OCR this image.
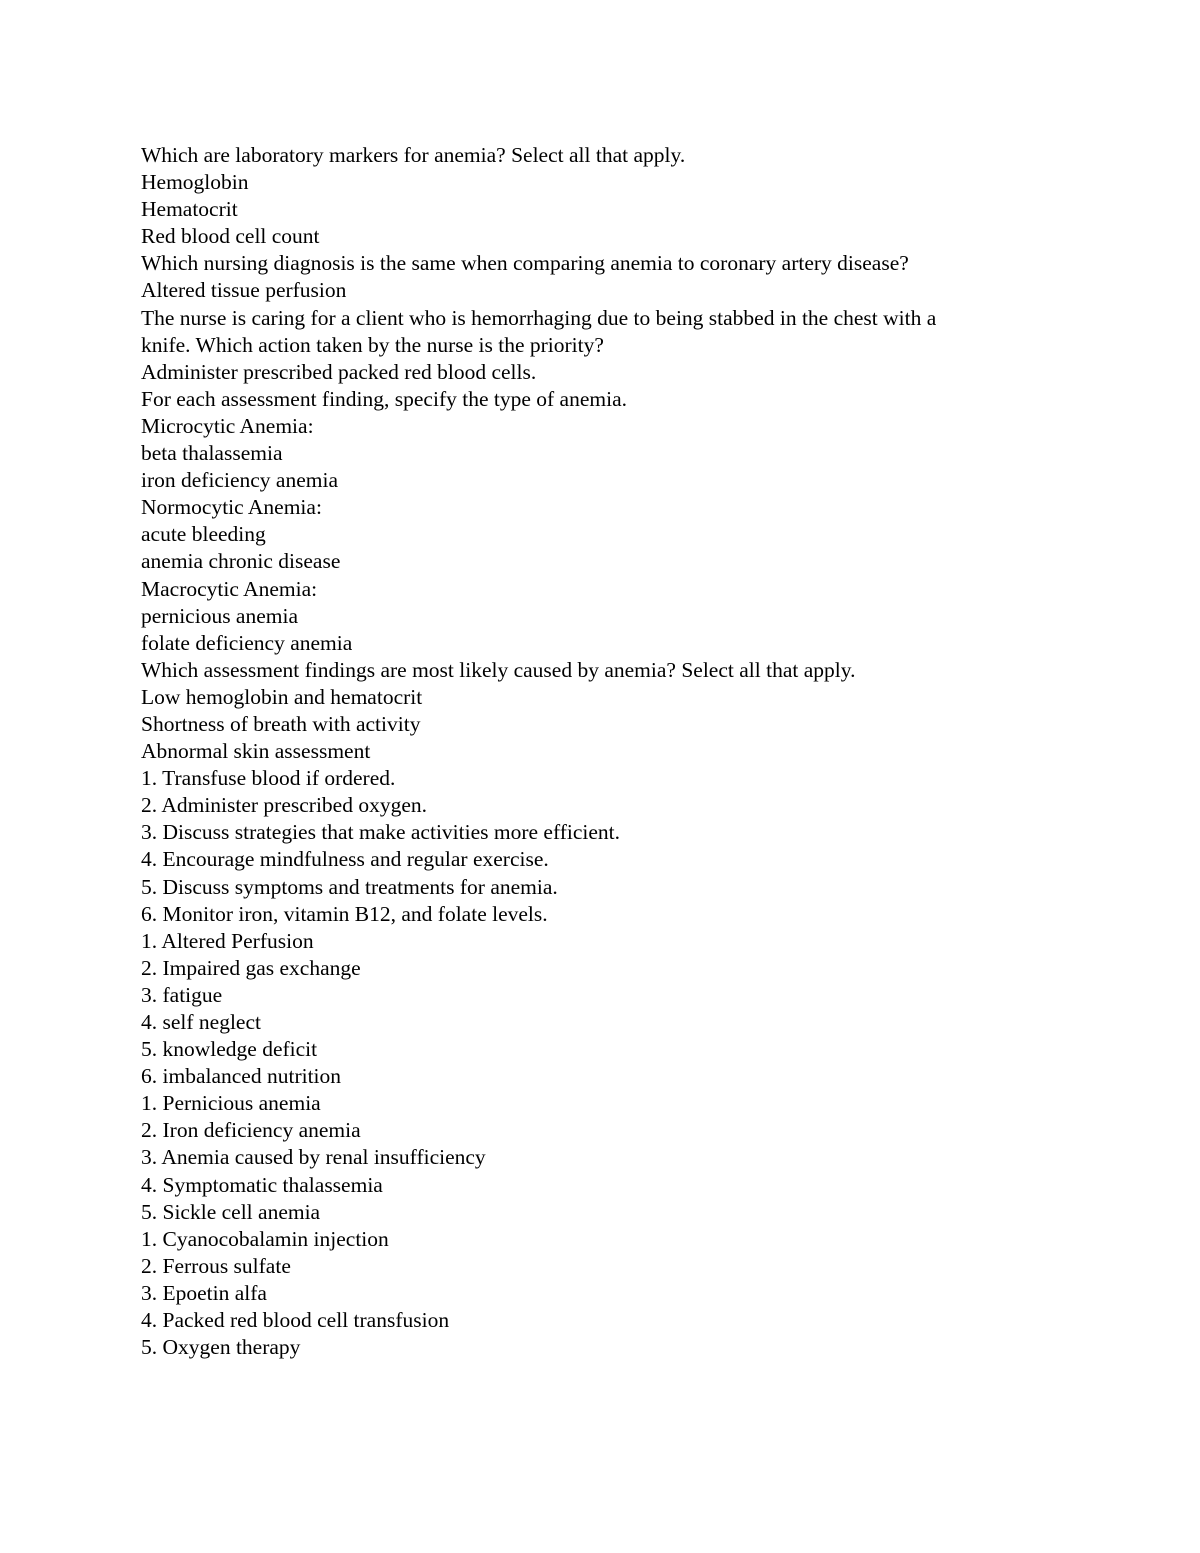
Which are laboratory markers for anemia? Select all that apply.

Hemoglobin

Hematocrit

Red blood cell count

Which nursing diagnosis is the same when comparing anemia to coronary artery disease?

Altered tissue perfusion

The nurse is caring for a client who is hemorrhaging due to being stabbed in the chest with a

knife. Which action taken by the nurse is the priority?

Administer prescribed packed red blood cells.

For each assessment finding, specify the type of anemia.

Microcytic Anemia:

beta thalassemia

iron deficiency anemia

Normocytic Anemia:

acute bleeding

anemia chronic disease

Macrocytic Anemia:

pernicious anemia

folate deficiency anemia

Which assessment findings are most likely caused by anemia? Select all that apply.

Low hemoglobin and hematocrit

Shortness of breath with activity

Abnormal skin assessment

1. Transfuse blood if ordered.

2. Administer prescribed oxygen.

3. Discuss strategies that make activities more efficient.

4. Encourage mindfulness and regular exercise.

5. Discuss symptoms and treatments for anemia.

6. Monitor iron, vitamin B12, and folate levels.

1. Altered Perfusion

2. Impaired gas exchange

3. fatigue

4. self neglect

5. knowledge deficit

6. imbalanced nutrition

1. Pernicious anemia

2. Iron deficiency anemia

3. Anemia caused by renal insufficiency

4. Symptomatic thalassemia

5. Sickle cell anemia

1. Cyanocobalamin injection

2. Ferrous sulfate

3. Epoetin alfa

4. Packed red blood cell transfusion

5. Oxygen therapy
